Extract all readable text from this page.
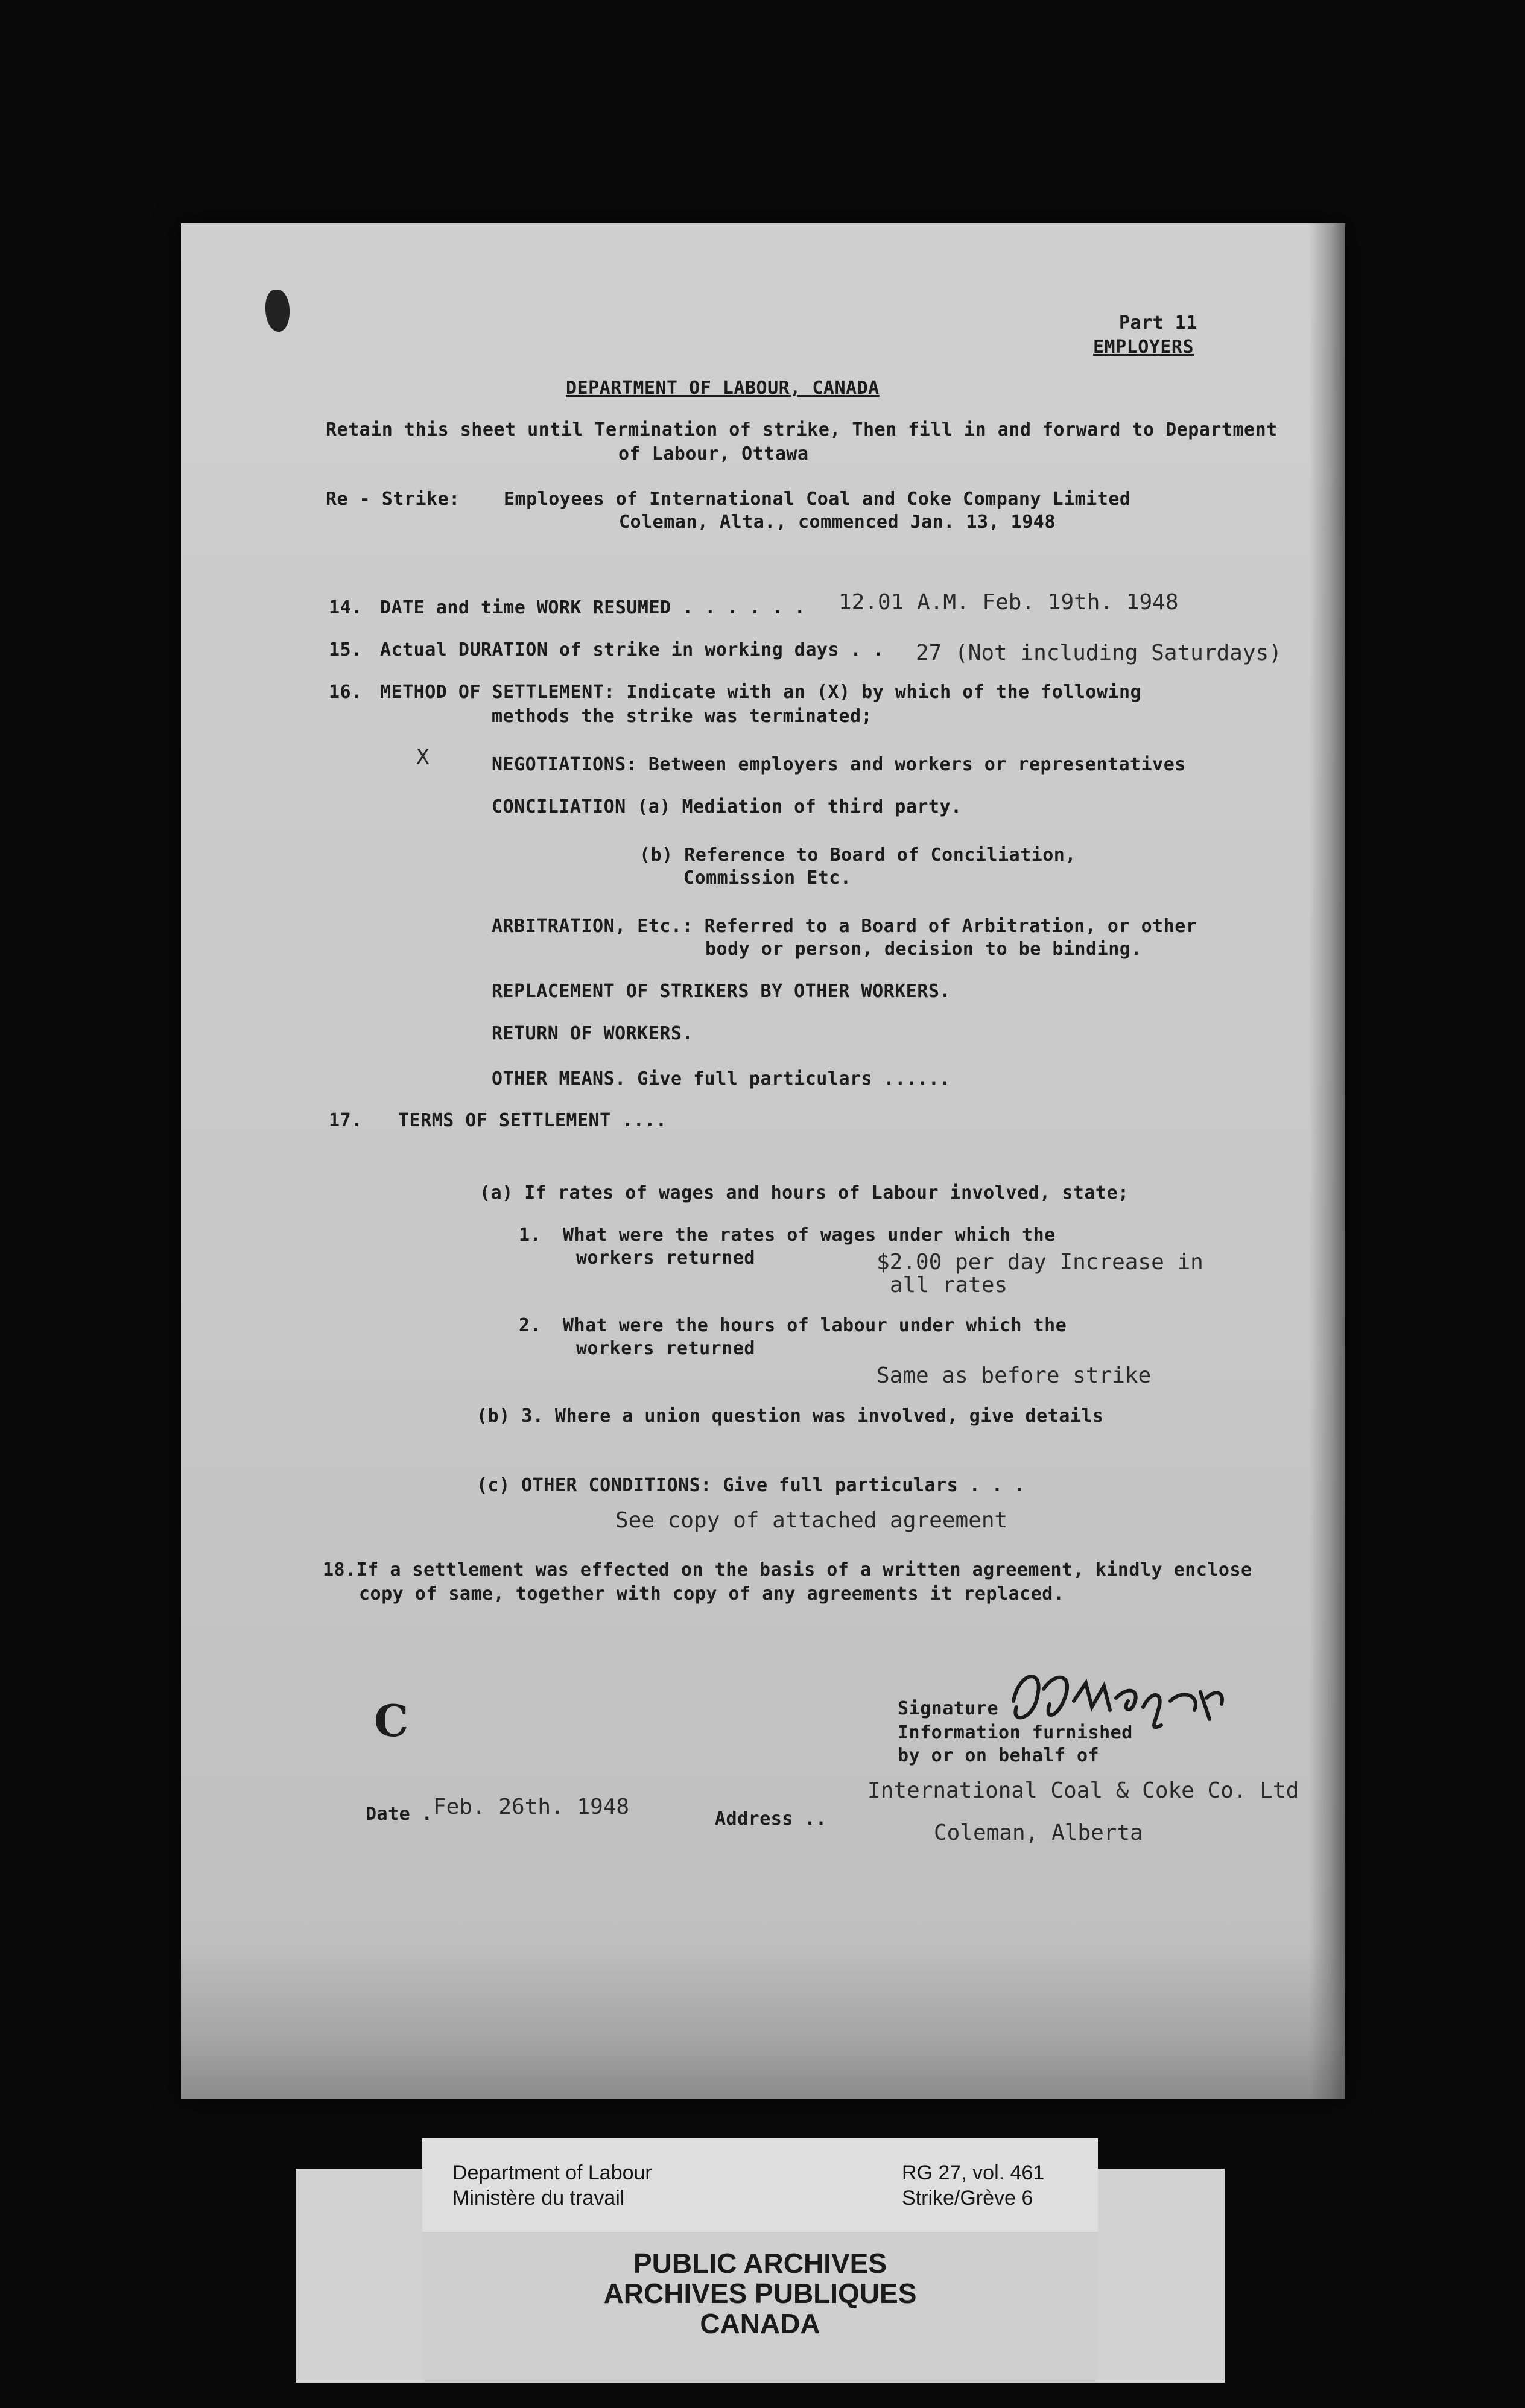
Part 11
EMPLOYERS
DEPARTMENT OF LABOUR, CANADA
Retain this sheet until Termination of strike, Then fill in and forward to Department
of Labour, Ottawa
Re - Strike: Employees of International Coal and Coke Company Limited
Coleman, Alta., commenced Jan. 13, 1948
14. DATE and time WORK RESUMED . . . . . . 12.01 A.M. Feb. 19th. 1948
15. Actual DURATION of strike in working days . . 27 (Not including Saturdays)
16. METHOD OF SETTLEMENT: Indicate with an (X) by which of the following
methods the strike was terminated;
X	NEGOTIATIONS: Between employers and workers or representatives
CONCILIATION (a) Mediation of third party.
(b) Reference to Board of Conciliation,
Commission Etc.
ARBITRATION, Etc.: Referred to a Board of Arbitration, or other
body or person, decision to be binding.
REPLACEMENT OF STRIKERS BY OTHER WORKERS.
RETURN OF WORKERS.
OTHER MEANS. Give full particulars ......
17. TERMS OF SETTLEMENT ....
(a) If rates of wages and hours of Labour involved, state;
1. What were the rates of wages under which the
workers returned	$2.00 per day Increase in
all rates
2. What were the hours of labour under which the
workers returned
Same as before strike
(b) 3. Where a union question was involved, give details
(c) OTHER CONDITIONS: Give full particulars . . .
See copy of attached agreement
18.If a settlement was effected on the basis of a written agreement, kindly enclose
copy of same, together with copy of any agreements it replaced.
C	Signature
Information furnished
by or on behalf of
International Coal & Coke Co. Ltd
Date . Feb. 26th. 1948	Address ..
Coleman, Alberta
Department of Labour
Ministère du travail
RG 27, vol. 461
Strike/Grève 6
PUBLIC ARCHIVES
ARCHIVES PUBLIQUES
CANADA
